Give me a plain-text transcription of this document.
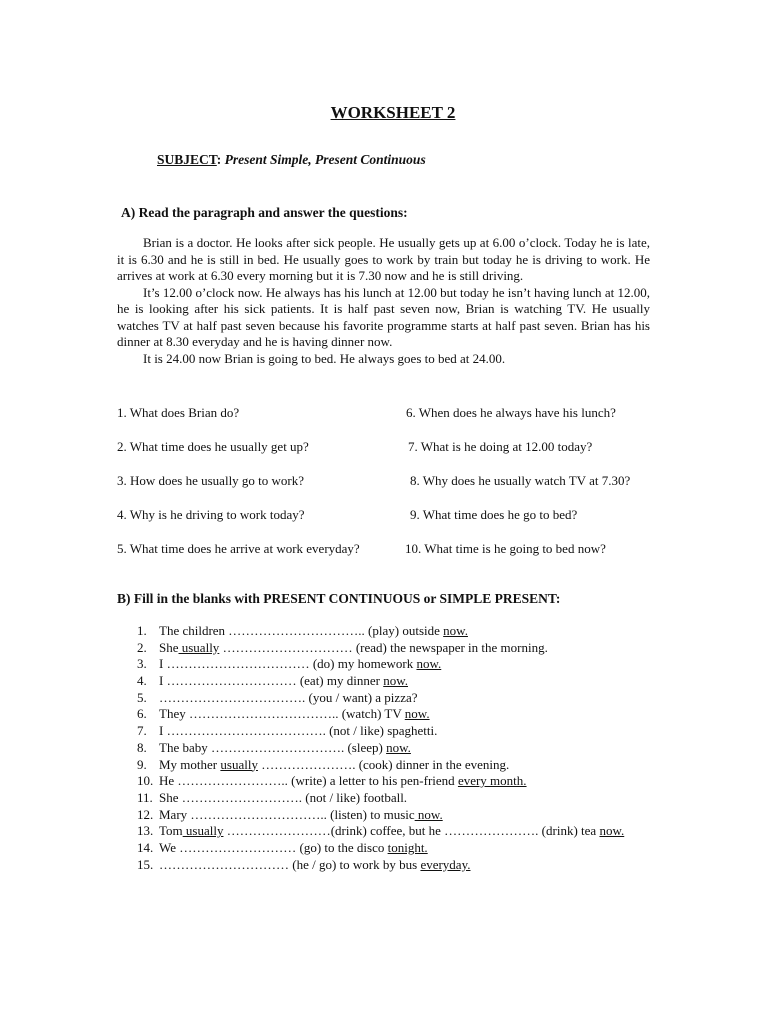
WORKSHEET 2
SUBJECT: Present Simple, Present Continuous
A) Read the paragraph and answer the questions:

Brian is a doctor. He looks after sick people. He usually gets up at 6.00 o’clock. Today he is late, it is 6.30 and he is still in bed. He usually goes to work by train but today he is driving to work. He arrives at work at 6.30 every morning but it is 7.30 now and he is still driving.

It’s 12.00 o’clock now. He always has his lunch at 12.00 but today he isn’t having lunch at 12.00, he is looking after his sick patients. It is half past seven now, Brian is watching TV. He usually watches TV at half past seven because his favorite programme starts at half past seven. Brian has his dinner at 8.30 everyday and he is having dinner now.

It is 24.00 now Brian is going to bed. He always goes to bed at 24.00.

1. What does Brian do?
2. What time does he usually get up?
3. How does he usually go to work?
4. Why is he driving to work today?
5. What time does he arrive at work everyday?
6. When does he always have his lunch?
7. What is he doing at 12.00 today?
8. Why does he usually watch TV at 7.30?
9. What time does he go to bed?
10. What time is he going to bed now?
B) Fill in the blanks with PRESENT CONTINUOUS or SIMPLE PRESENT:
1. The children ………………………….. (play) outside now.
2. She usually ………………………… (read) the newspaper in the morning.
3. I …………………………… (do) my homework now.
4. I ………………………… (eat) my dinner now.
5. ……………………………. (you / want) a pizza?
6. They …………………………….. (watch) TV now.
7. I ………………………………. (not / like) spaghetti.
8. The baby …………………………. (sleep) now.
9. My mother usually …………………. (cook) dinner in the evening.
10. He …………………….. (write) a letter to his pen-friend every month.
11. She ………………………. (not / like) football.
12. Mary ………………………….. (listen) to music now.
13. Tom usually ……………………(drink) coffee, but he …………………. (drink) tea now.
14. We ……………………… (go) to the disco tonight.
15. ………………………… (he / go) to work by bus everyday.
